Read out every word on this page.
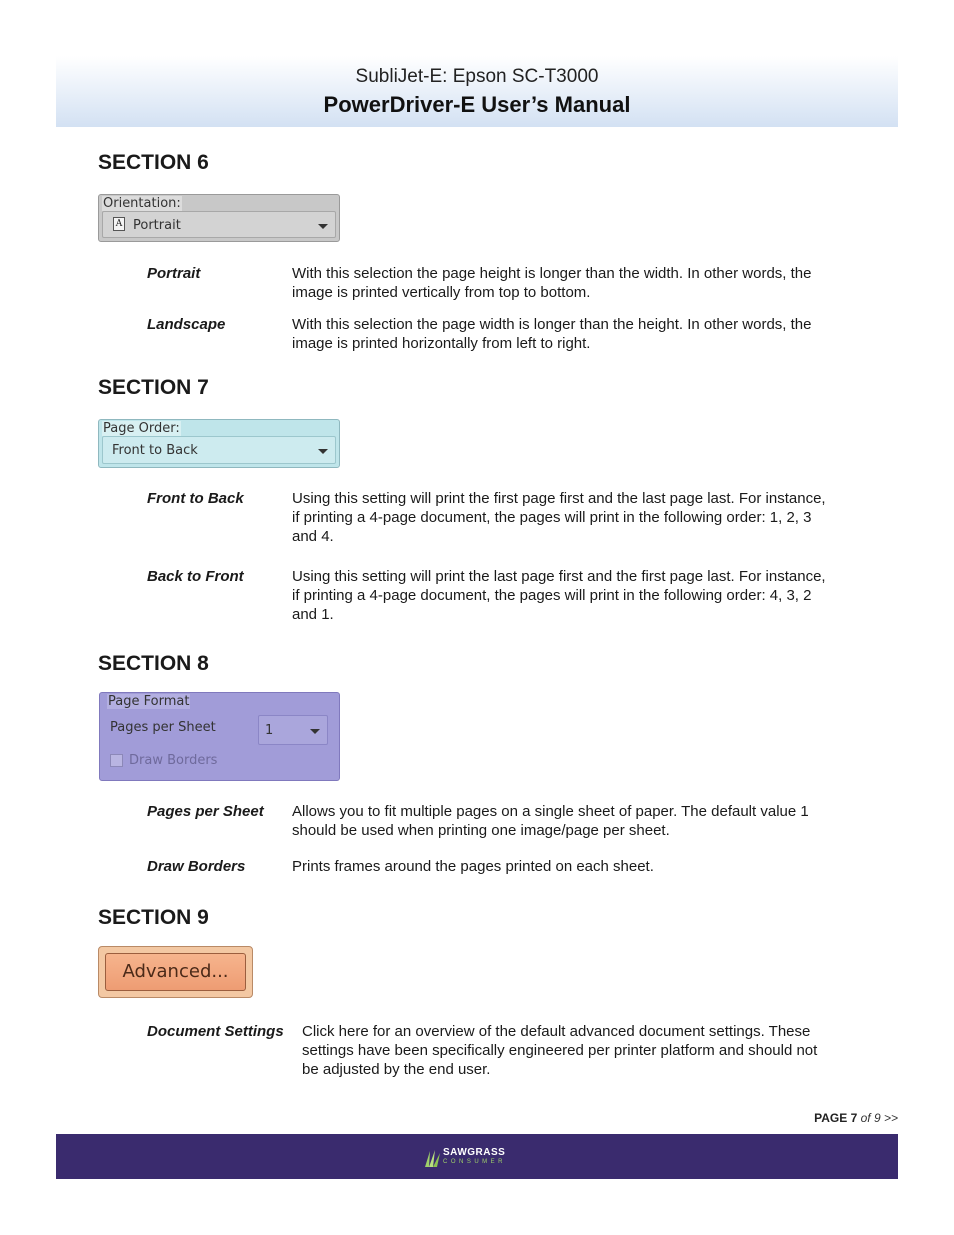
SubliJet-E: Epson SC-T3000
PowerDriver-E User’s Manual
SECTION 6
Orientation:
A Portrait
Portrait	With this selection the page height is longer than the width. In other words, the
image is printed vertically from top to bottom.
Landscape	With this selection the page width is longer than the height. In other words, the
image is printed horizontally from left to right.
SECTION 7
Page Order:
Front to Back
Front to Back	Using this setting will print the first page first and the last page last. For instance,
if printing a 4-page document, the pages will print in the following order: 1, 2, 3
and 4.
Back to Front	Using this setting will print the last page first and the first page last. For instance,
if printing a 4-page document, the pages will print in the following order: 4, 3, 2
and 1.
SECTION 8
Page Format
Pages per Sheet	1
Draw Borders
Pages per Sheet Allows you to fit multiple pages on a single sheet of paper. The default value 1
should be used when printing one image/page per sheet.
Draw Borders	Prints frames around the pages printed on each sheet.
SECTION 9
Advanced...
Document Settings Click here for an overview of the default advanced document settings. These
settings have been specifically engineered per printer platform and should not
be adjusted by the end user.
PAGE 7 of 9 >>
SAWGRASS
CONSUMER
